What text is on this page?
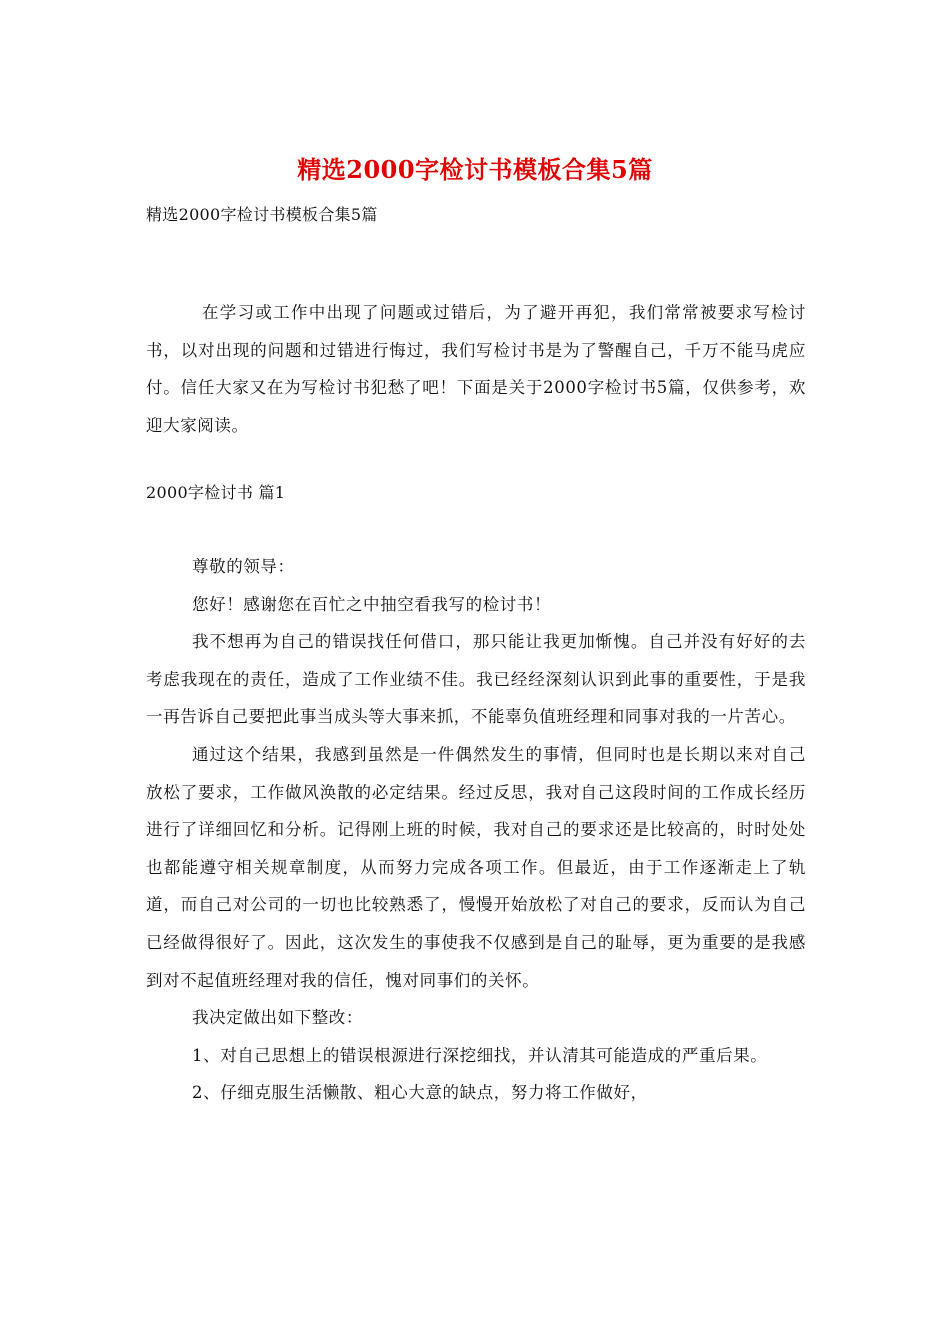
精选2000字检讨书模板合集5篇
精选2000字检讨书模板合集5篇
在学习或工作中出现了问题或过错后，为了避开再犯，我们常常被要求写检讨书，以对出现的问题和过错进行悔过，我们写检讨书是为了警醒自己，千万不能马虎应付。信任大家又在为写检讨书犯愁了吧！下面是关于2000字检讨书5篇，仅供参考，欢迎大家阅读。
2000字检讨书 篇1

尊敬的领导：

您好！感谢您在百忙之中抽空看我写的检讨书！

我不想再为自己的错误找任何借口，那只能让我更加惭愧。自己并没有好好的去考虑我现在的责任，造成了工作业绩不佳。我已经经深刻认识到此事的重要性，于是我一再告诉自己要把此事当成头等大事来抓，不能辜负值班经理和同事对我的一片苦心。

通过这个结果，我感到虽然是一件偶然发生的事情，但同时也是长期以来对自己放松了要求，工作做风涣散的必定结果。经过反思，我对自己这段时间的工作成长经历进行了详细回忆和分析。记得刚上班的时候，我对自己的要求还是比较高的，时时处处也都能遵守相关规章制度，从而努力完成各项工作。但最近，由于工作逐渐走上了轨道，而自己对公司的一切也比较熟悉了，慢慢开始放松了对自己的要求，反而认为自己已经做得很好了。因此，这次发生的事使我不仅感到是自己的耻辱，更为重要的是我感到对不起值班经理对我的信任，愧对同事们的关怀。

我决定做出如下整改：

1、对自己思想上的错误根源进行深挖细找，并认清其可能造成的严重后果。

2、仔细克服生活懒散、粗心大意的缺点，努力将工作做好，
